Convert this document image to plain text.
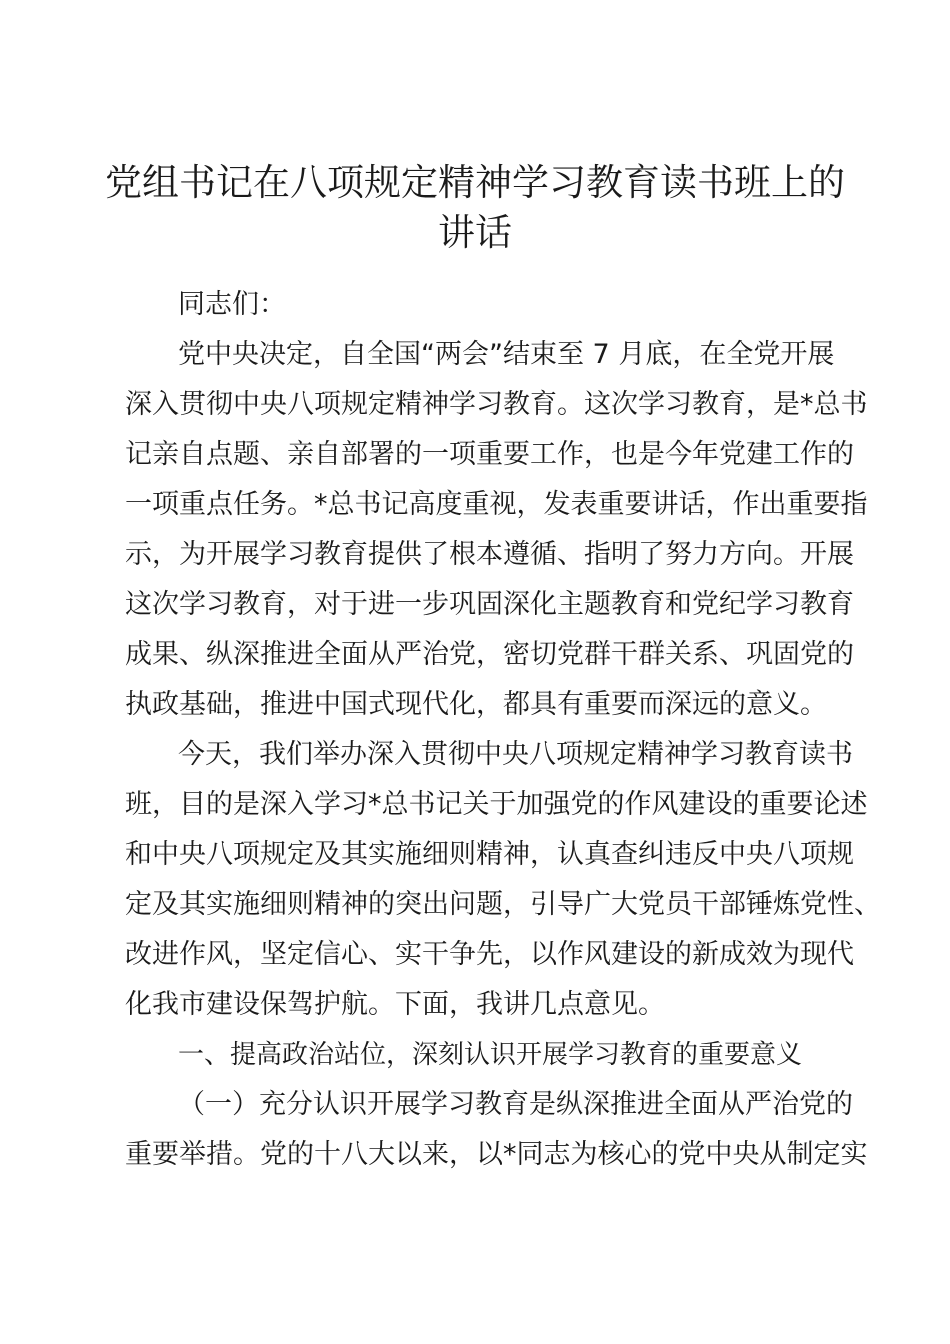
党组书记在八项规定精神学习教育读书班上的
讲话
同志们：
党中央决定，自全国“两会”结束至 7 月底，在全党开展
深入贯彻中央八项规定精神学习教育。这次学习教育，是*总书
记亲自点题、亲自部署的一项重要工作，也是今年党建工作的
一项重点任务。*总书记高度重视，发表重要讲话，作出重要指
示，为开展学习教育提供了根本遵循、指明了努力方向。开展
这次学习教育，对于进一步巩固深化主题教育和党纪学习教育
成果、纵深推进全面从严治党，密切党群干群关系、巩固党的
执政基础，推进中国式现代化，都具有重要而深远的意义。
今天，我们举办深入贯彻中央八项规定精神学习教育读书
班，目的是深入学习*总书记关于加强党的作风建设的重要论述
和中央八项规定及其实施细则精神，认真查纠违反中央八项规
定及其实施细则精神的突出问题，引导广大党员干部锤炼党性、
改进作风，坚定信心、实干争先，以作风建设的新成效为现代
化我市建设保驾护航。下面，我讲几点意见。
一、提高政治站位，深刻认识开展学习教育的重要意义
（一）充分认识开展学习教育是纵深推进全面从严治党的
重要举措。党的十八大以来，以*同志为核心的党中央从制定实
